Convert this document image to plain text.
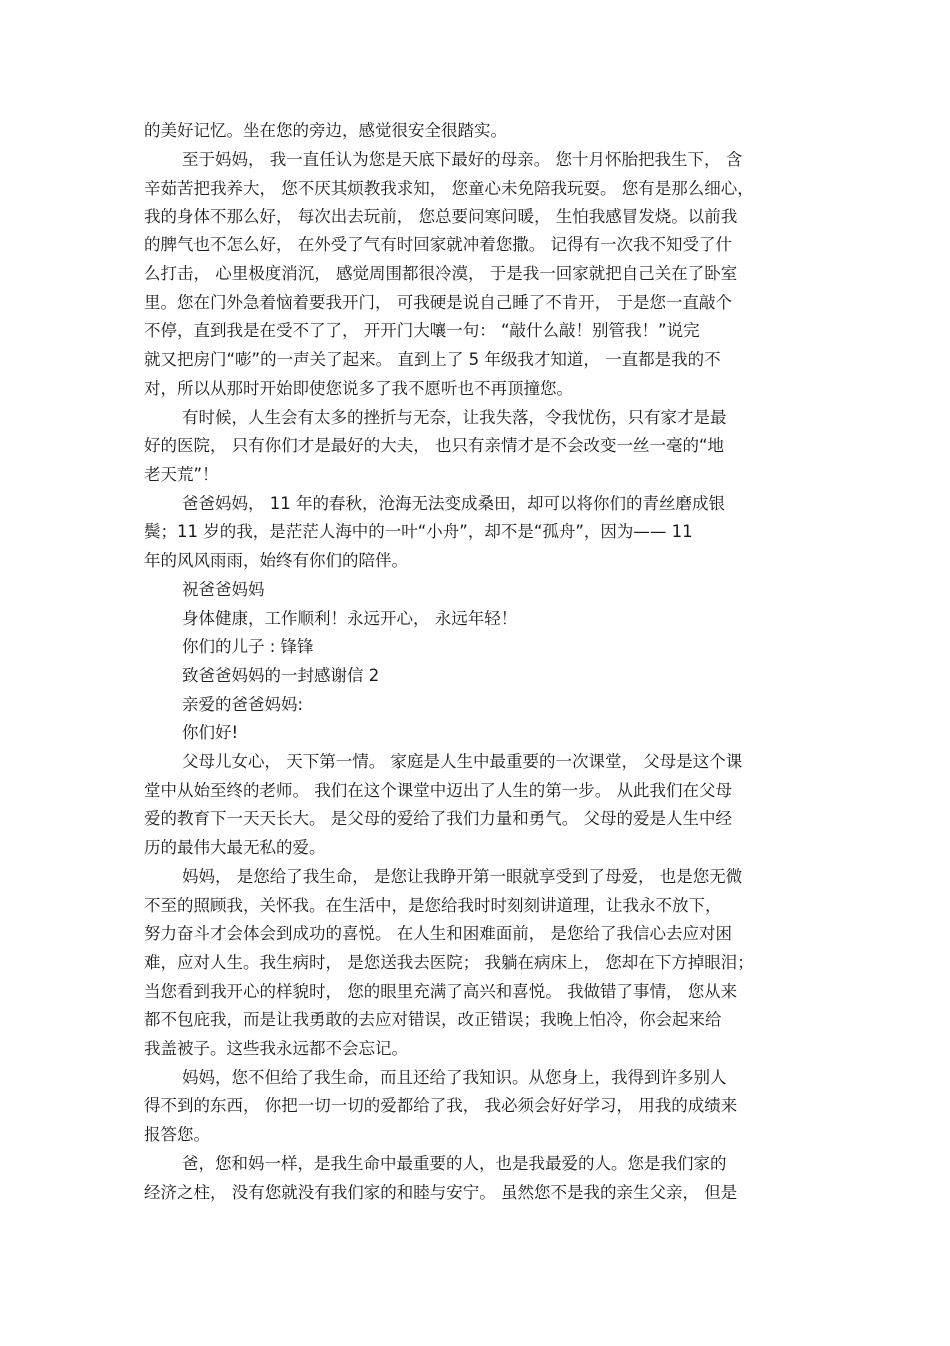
的美好记忆。坐在您的旁边，感觉很安全很踏实。
至于妈妈， 我一直任认为您是天底下最好的母亲。 您十月怀胎把我生下， 含
辛茹苦把我养大， 您不厌其烦教我求知， 您童心未免陪我玩耍。 您有是那么细心，
我的身体不那么好， 每次出去玩前， 您总要问寒问暖， 生怕我感冒发烧。以前我
的脾气也不怎么好， 在外受了气有时回家就冲着您撒。 记得有一次我不知受了什
么打击， 心里极度消沉， 感觉周围都很冷漠， 于是我一回家就把自己关在了卧室
里。您在门外急着恼着要我开门， 可我硬是说自己睡了不肯开， 于是您一直敲个
不停，直到我是在受不了了， 开开门大嚷一句： “敲什么敲！别管我！”说完
就又把房门“嘭”的一声关了起来。 直到上了 5 年级我才知道， 一直都是我的不
对，所以从那时开始即使您说多了我不愿听也不再顶撞您。
有时候，人生会有太多的挫折与无奈，让我失落，令我忧伤，只有家才是最
好的医院， 只有你们才是最好的大夫， 也只有亲情才是不会改变一丝一毫的“地
老天荒”！
爸爸妈妈， 11 年的春秋，沧海无法变成桑田，却可以将你们的青丝磨成银
鬓；11 岁的我，是茫茫人海中的一叶“小舟”，却不是“孤舟”，因为—— 11
年的风风雨雨，始终有你们的陪伴。
祝爸爸妈妈
身体健康，工作顺利！永远开心， 永远年轻！
你们的儿子 : 锋锋
致爸爸妈妈的一封感谢信 2
亲爱的爸爸妈妈:
你们好!
父母儿女心， 天下第一情。 家庭是人生中最重要的一次课堂， 父母是这个课
堂中从始至终的老师。 我们在这个课堂中迈出了人生的第一步。 从此我们在父母
爱的教育下一天天长大。 是父母的爱给了我们力量和勇气。 父母的爱是人生中经
历的最伟大最无私的爱。
妈妈， 是您给了我生命， 是您让我睁开第一眼就享受到了母爱， 也是您无微
不至的照顾我，关怀我。在生活中，是您给我时时刻刻讲道理，让我永不放下，
努力奋斗才会体会到成功的喜悦。 在人生和困难面前， 是您给了我信心去应对困
难，应对人生。我生病时， 是您送我去医院； 我躺在病床上， 您却在下方掉眼泪；
当您看到我开心的样貌时， 您的眼里充满了高兴和喜悦。 我做错了事情， 您从来
都不包庇我，而是让我勇敢的去应对错误，改正错误；我晚上怕冷，你会起来给
我盖被子。这些我永远都不会忘记。
妈妈，您不但给了我生命，而且还给了我知识。从您身上，我得到许多别人
得不到的东西， 你把一切一切的爱都给了我， 我必须会好好学习， 用我的成绩来
报答您。
爸，您和妈一样，是我生命中最重要的人，也是我最爱的人。您是我们家的
经济之柱， 没有您就没有我们家的和睦与安宁。 虽然您不是我的亲生父亲， 但是
